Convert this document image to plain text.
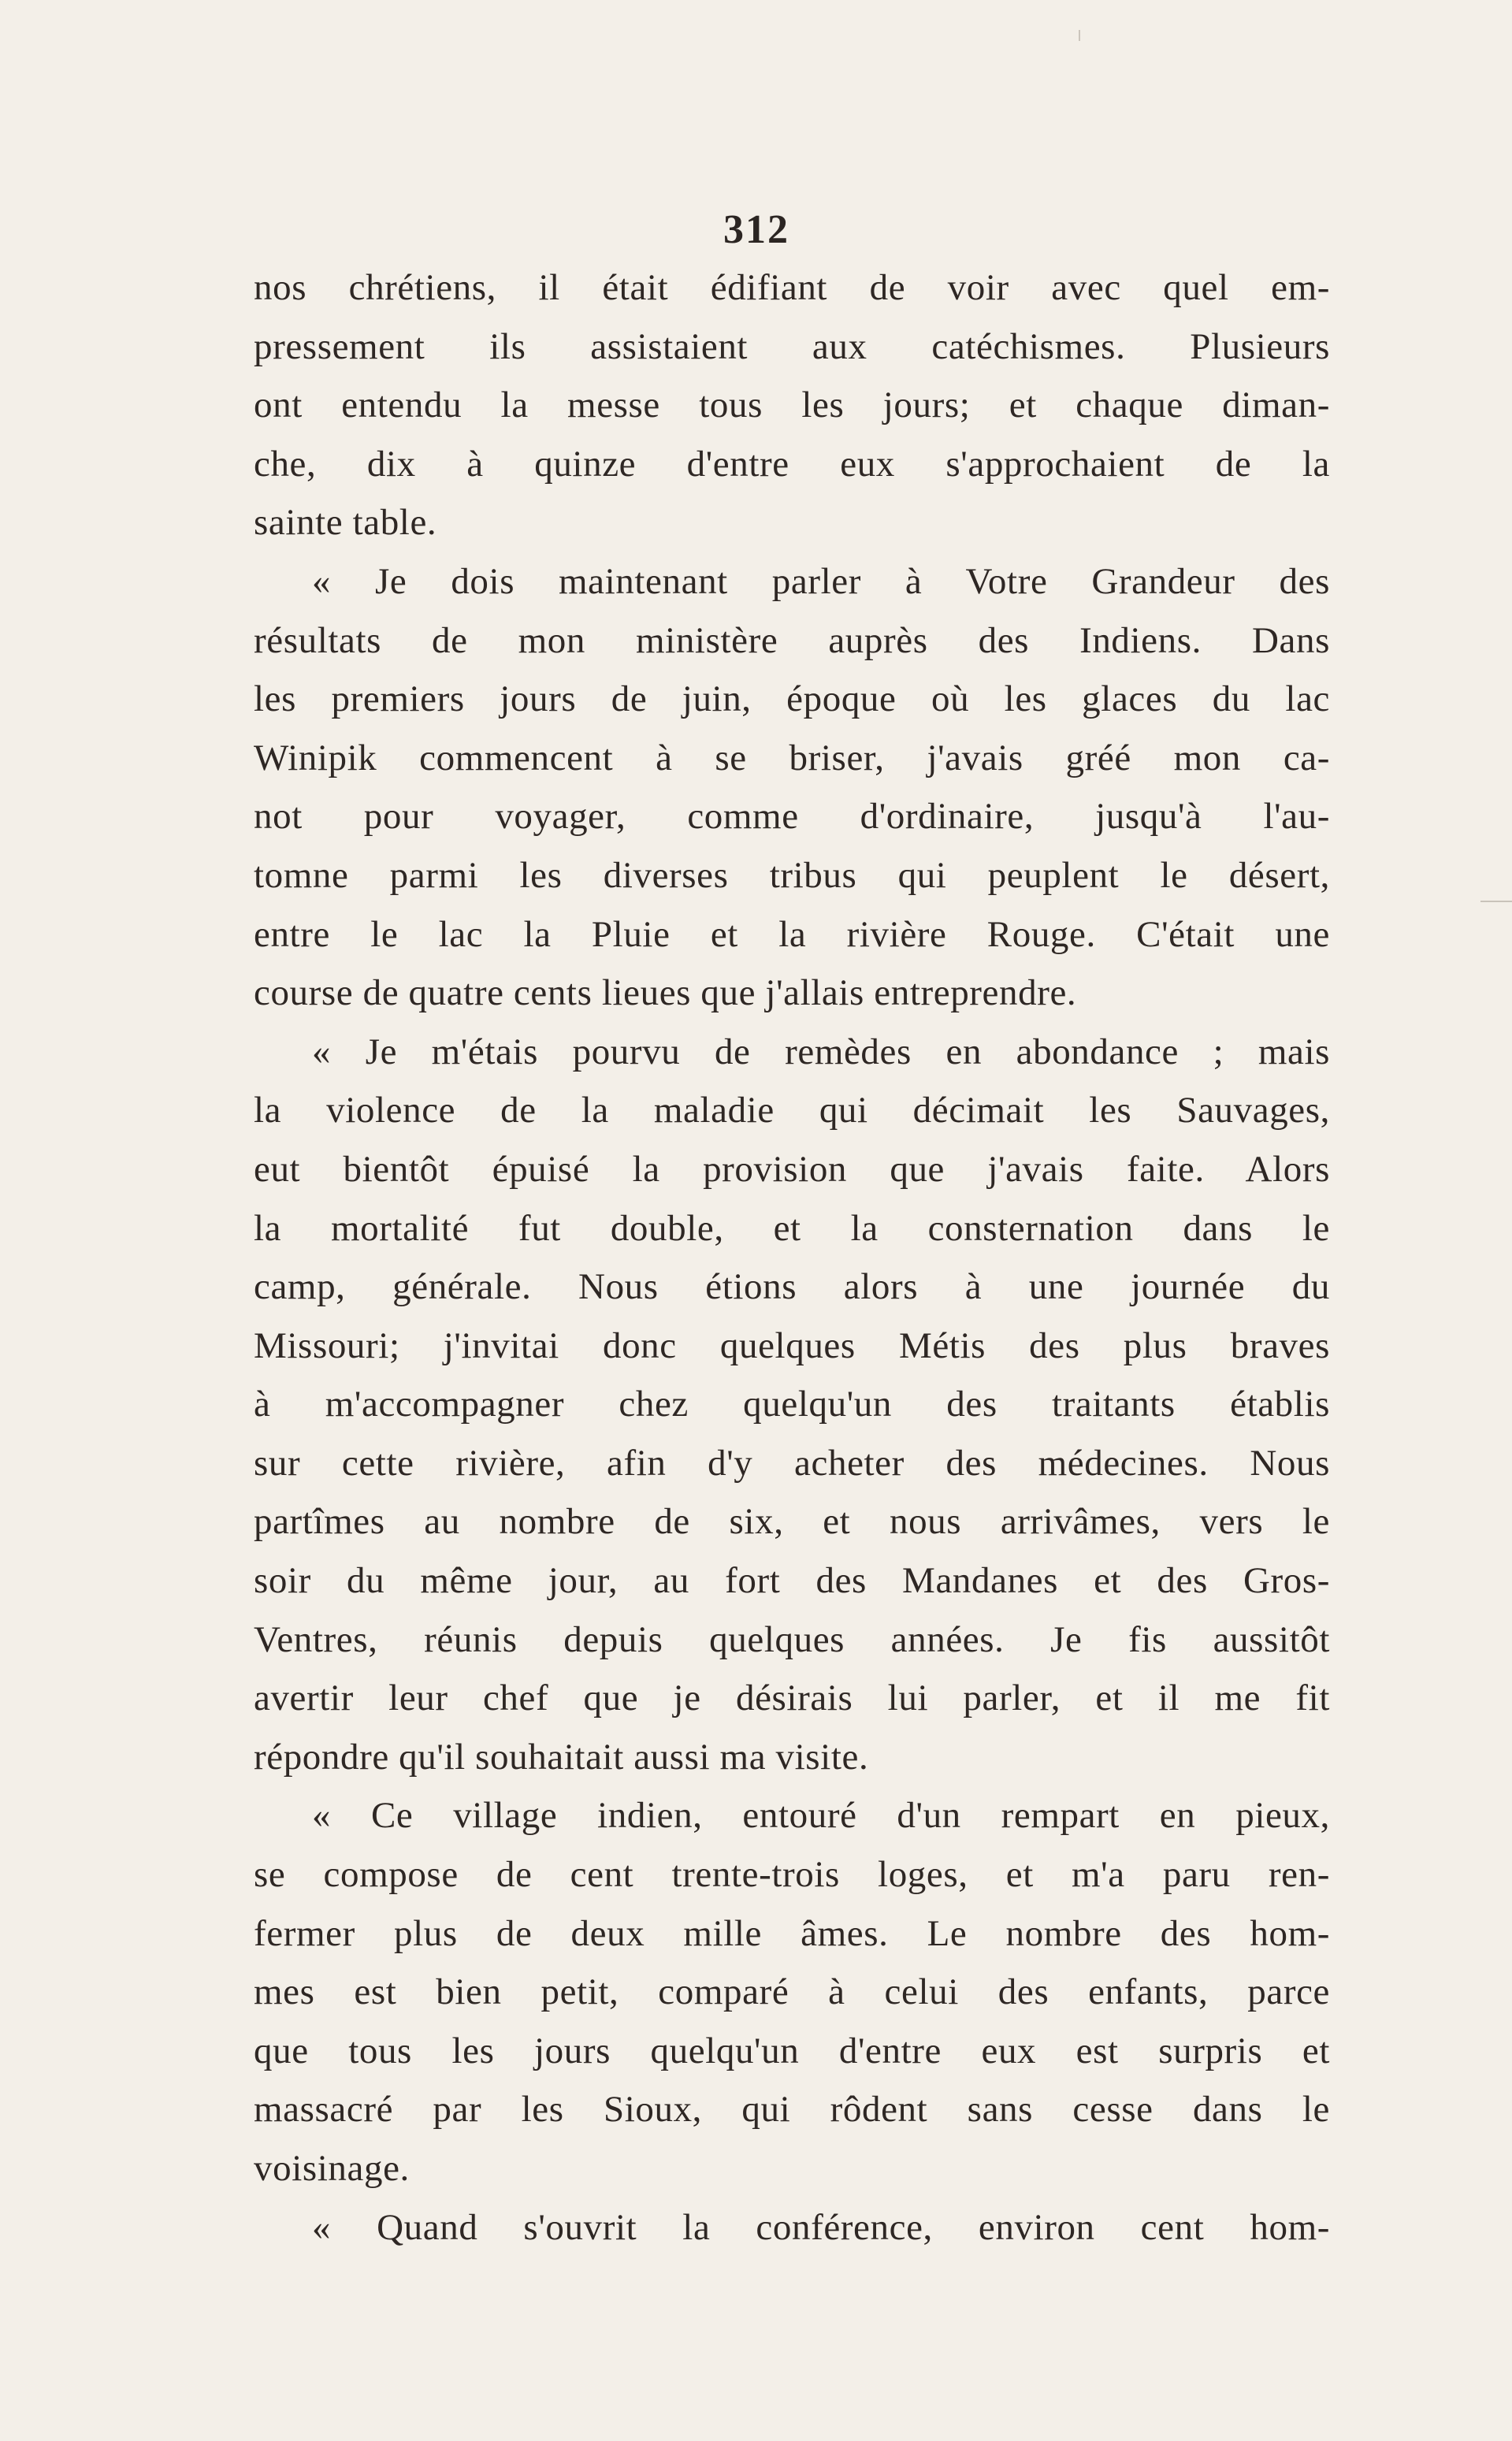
312
nos chrétiens, il était édifiant de voir avec quel em-
pressement ils assistaient aux catéchismes. Plusieurs
ont entendu la messe tous les jours; et chaque diman-
che, dix à quinze d'entre eux s'approchaient de la
sainte table.
« Je dois maintenant parler à Votre Grandeur des
résultats de mon ministère auprès des Indiens. Dans
les premiers jours de juin, époque où les glaces du lac
Winipik commencent à se briser, j'avais gréé mon ca-
not pour voyager, comme d'ordinaire, jusqu'à l'au-
tomne parmi les diverses tribus qui peuplent le désert,
entre le lac la Pluie et la rivière Rouge. C'était une
course de quatre cents lieues que j'allais entreprendre.
« Je m'étais pourvu de remèdes en abondance ; mais
la violence de la maladie qui décimait les Sauvages,
eut bientôt épuisé la provision que j'avais faite. Alors
la mortalité fut double, et la consternation dans le
camp, générale. Nous étions alors à une journée du
Missouri; j'invitai donc quelques Métis des plus braves
à m'accompagner chez quelqu'un des traitants établis
sur cette rivière, afin d'y acheter des médecines. Nous
partîmes au nombre de six, et nous arrivâmes, vers le
soir du même jour, au fort des Mandanes et des Gros-
Ventres, réunis depuis quelques années. Je fis aussitôt
avertir leur chef que je désirais lui parler, et il me fit
répondre qu'il souhaitait aussi ma visite.
« Ce village indien, entouré d'un rempart en pieux,
se compose de cent trente-trois loges, et m'a paru ren-
fermer plus de deux mille âmes. Le nombre des hom-
mes est bien petit, comparé à celui des enfants, parce
que tous les jours quelqu'un d'entre eux est surpris et
massacré par les Sioux, qui rôdent sans cesse dans le
voisinage.
« Quand s'ouvrit la conférence, environ cent hom-
